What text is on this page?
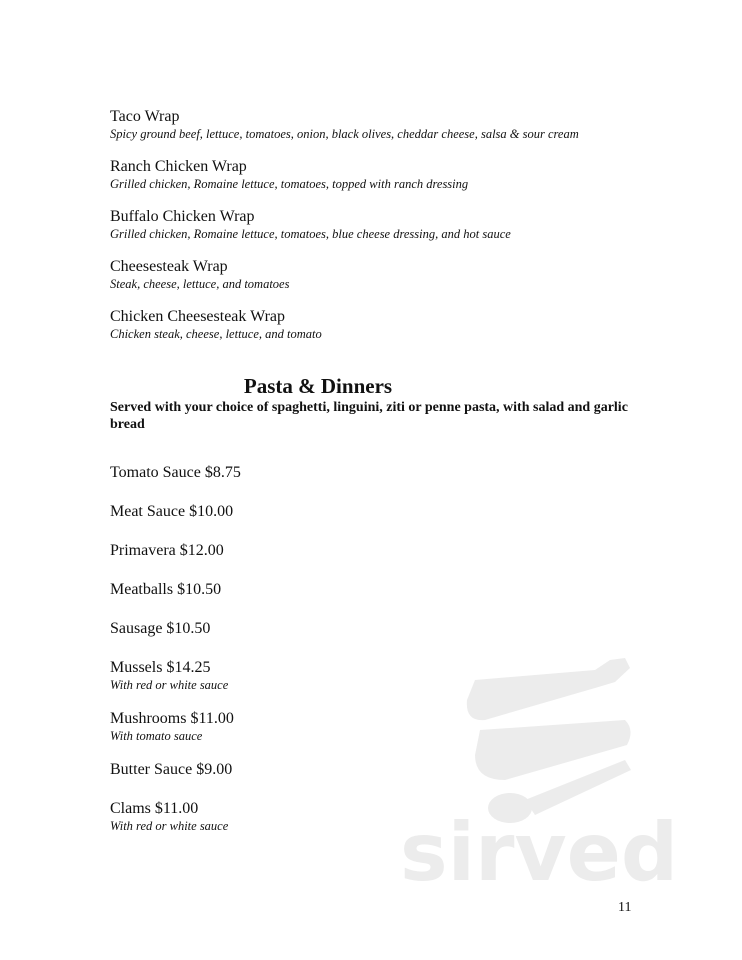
Taco Wrap
Spicy ground beef, lettuce, tomatoes, onion, black olives, cheddar cheese, salsa & sour cream
Ranch Chicken Wrap
Grilled chicken, Romaine lettuce, tomatoes, topped with ranch dressing
Buffalo Chicken Wrap
Grilled chicken, Romaine lettuce, tomatoes, blue cheese dressing, and hot sauce
Cheesesteak Wrap
Steak, cheese, lettuce, and tomatoes
Chicken Cheesesteak Wrap
Chicken steak, cheese, lettuce, and tomato
Pasta & Dinners
Served with your choice of spaghetti, linguini, ziti or penne pasta, with salad and garlic bread
sirved
Tomato Sauce $8.75
Meat Sauce $10.00
Primavera $12.00
Meatballs $10.50
Sausage $10.50
Mussels $14.25
With red or white sauce
Mushrooms $11.00
With tomato sauce
Butter Sauce $9.00
Clams $11.00
With red or white sauce
11
